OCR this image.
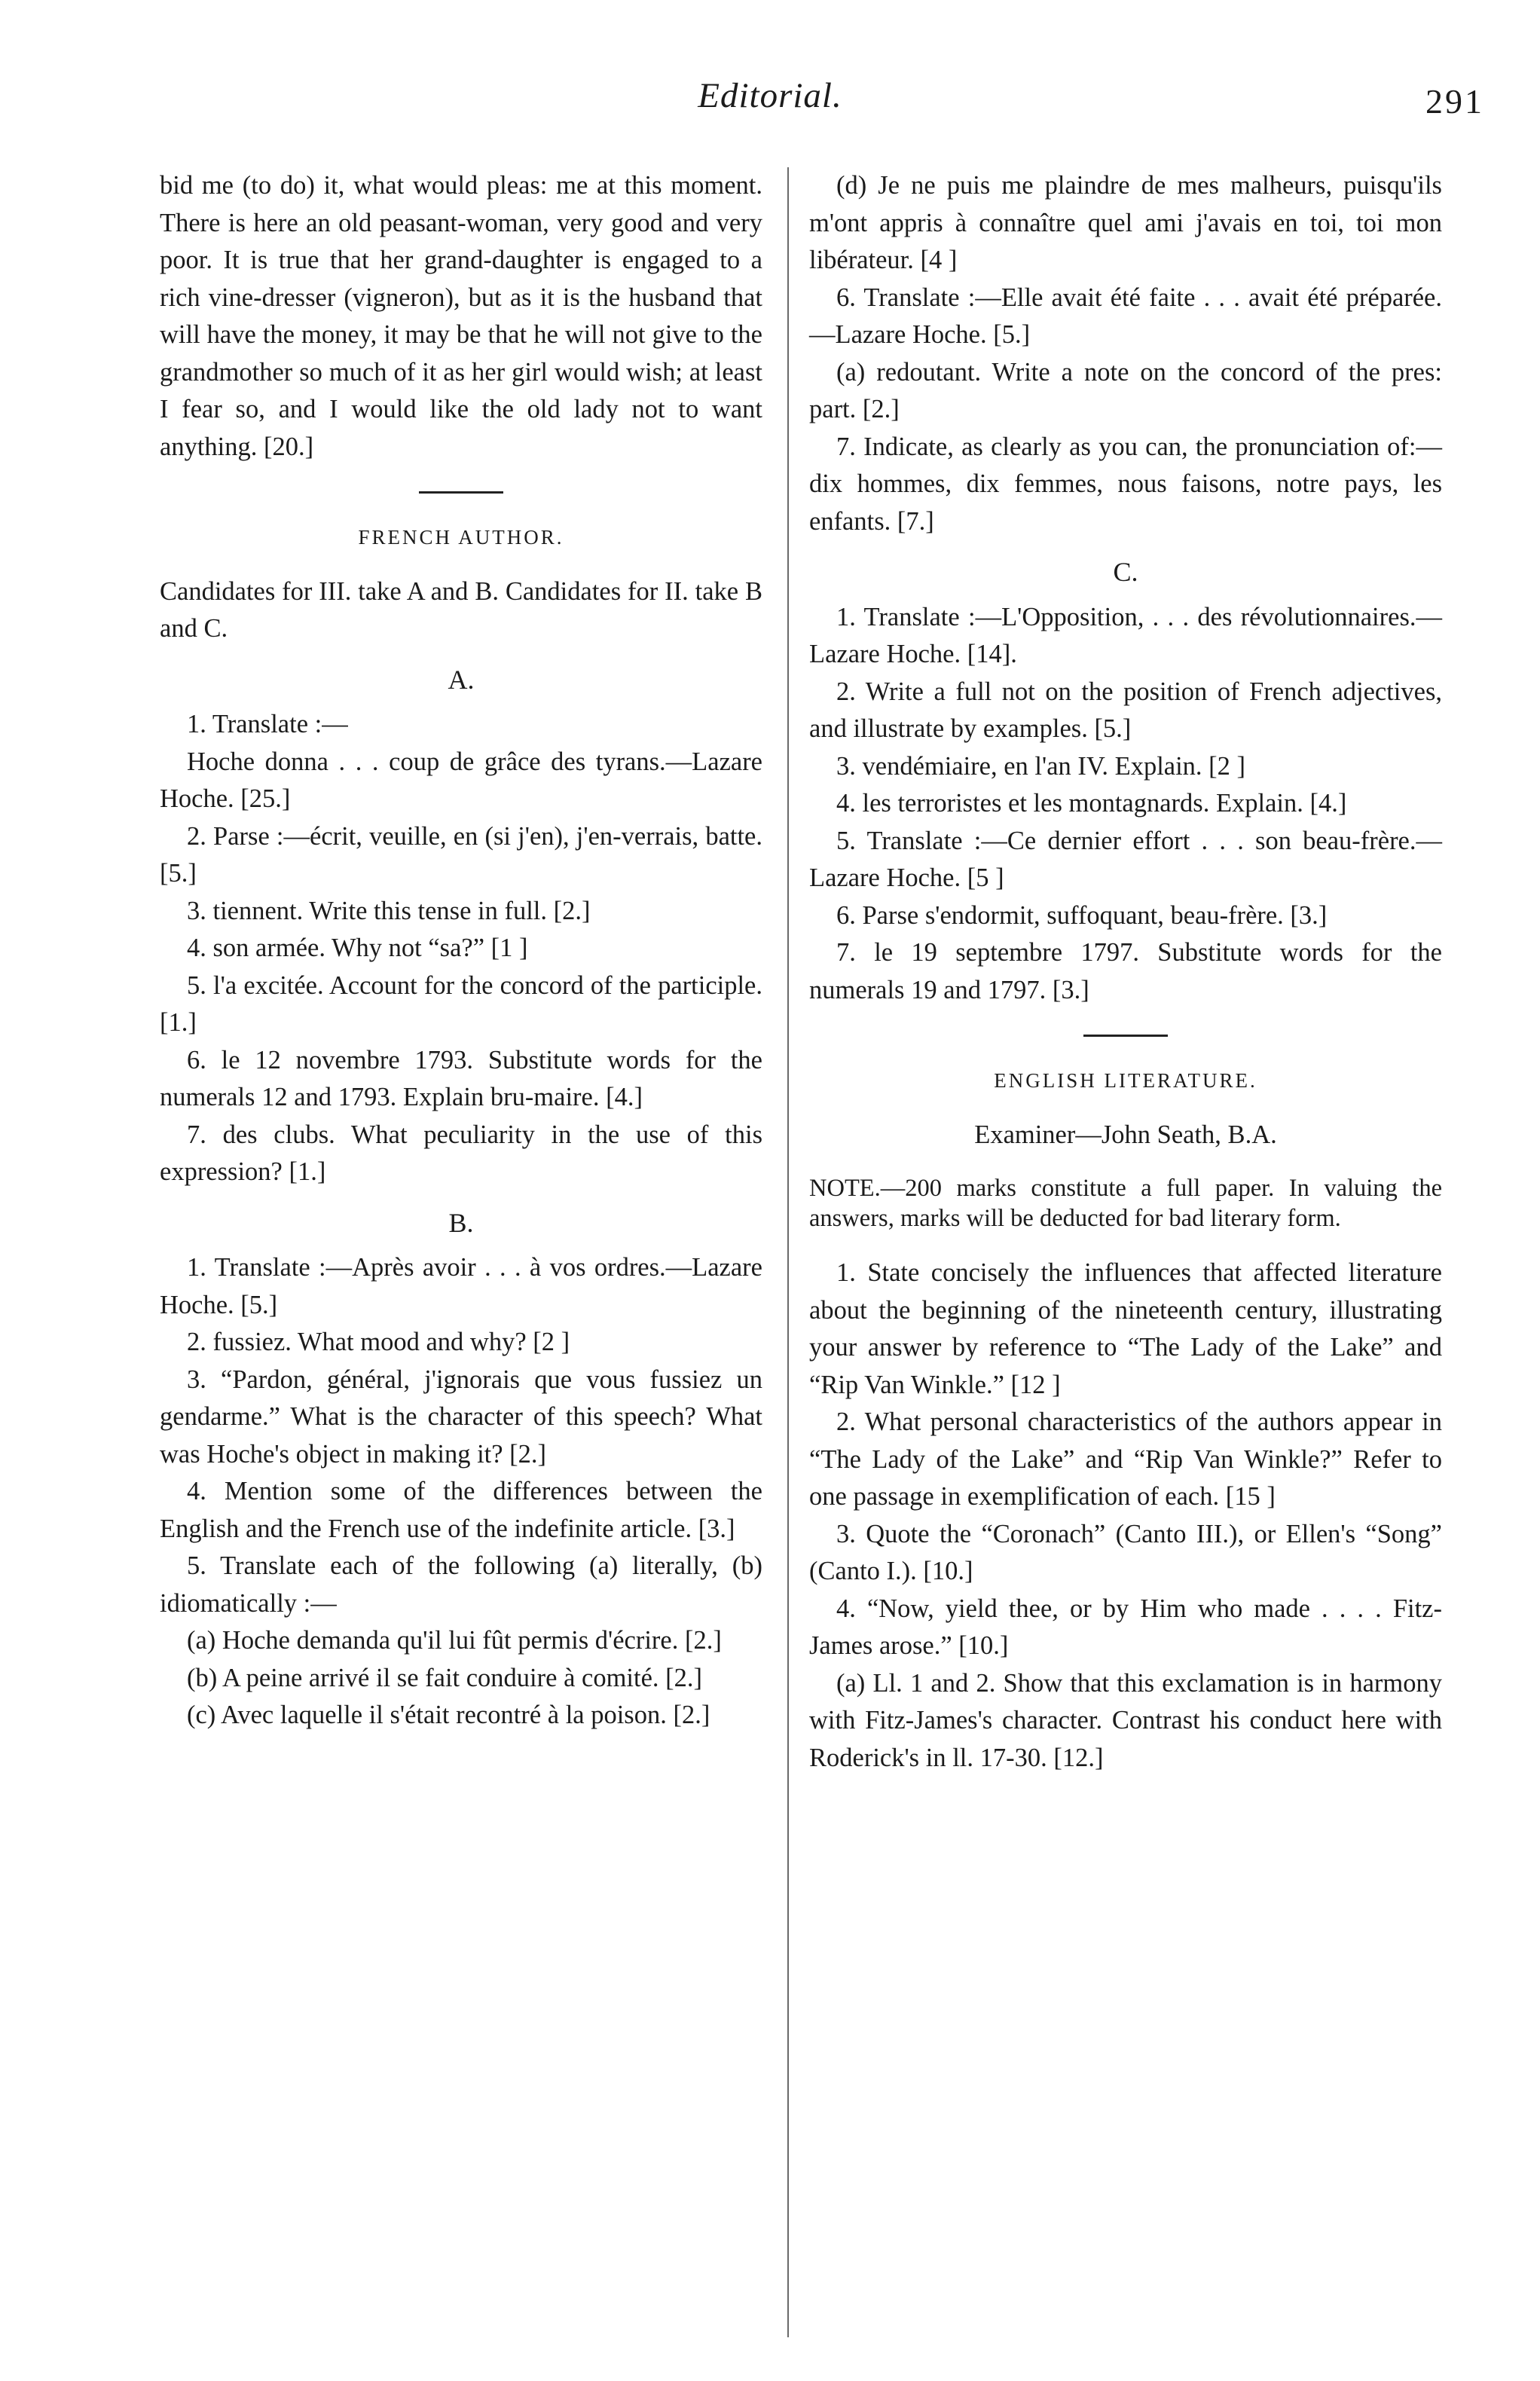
Editorial.	291

bid me (to do) it, what would pleas: me at this moment. There is here an old peasant-woman, very good and very poor. It is true that her grand-daughter is engaged to a rich vine-dresser (vigneron), but as it is the husband that will have the money, it may be that he will not give to the grandmother so much of it as her girl would wish; at least I fear so, and I would like the old lady not to want anything. [20.]

FRENCH AUTHOR.

Candidates for III. take A and B. Candidates for II. take B and C.

A.

1. Translate :—

Hoche donna . . . coup de grâce des tyrans.—Lazare Hoche. [25.]

2. Parse :—écrit, veuille, en (si j'en), j'en-verrais, batte. [5.]

3. tiennent. Write this tense in full. [2.]

4. son armée. Why not “sa?” [1 ]

5. l'a excitée. Account for the concord of the participle. [1.]

6. le 12 novembre 1793. Substitute words for the numerals 12 and 1793. Explain bru-maire. [4.]

7. des clubs. What peculiarity in the use of this expression? [1.]

B.

1. Translate :—Après avoir . . . à vos ordres.—Lazare Hoche. [5.]

2. fussiez. What mood and why? [2 ]

3. “Pardon, général, j'ignorais que vous fussiez un gendarme.” What is the character of this speech? What was Hoche's object in making it? [2.]

4. Mention some of the differences between the English and the French use of the indefinite article. [3.]

5. Translate each of the following (a) literally, (b) idiomatically :—

(a) Hoche demanda qu'il lui fût permis d'écrire. [2.]

(b) A peine arrivé il se fait conduire à comité. [2.]

(c) Avec laquelle il s'était recontré à la poison. [2.]

(d) Je ne puis me plaindre de mes malheurs, puisqu'ils m'ont appris à connaître quel ami j'avais en toi, toi mon libérateur. [4 ]

6. Translate :—Elle avait été faite . . . avait été préparée.—Lazare Hoche. [5.]

(a) redoutant. Write a note on the concord of the pres: part. [2.]

7. Indicate, as clearly as you can, the pronunciation of:—dix hommes, dix femmes, nous faisons, notre pays, les enfants. [7.]

C.

1. Translate :—L'Opposition, . . . des révolutionnaires.—Lazare Hoche. [14].

2. Write a full not on the position of French adjectives, and illustrate by examples. [5.]

3. vendémiaire, en l'an IV. Explain. [2 ]

4. les terroristes et les montagnards. Explain. [4.]

5. Translate :—Ce dernier effort . . . son beau-frère.—Lazare Hoche. [5 ]

6. Parse s'endormit, suffoquant, beau-frère. [3.]

7. le 19 septembre 1797. Substitute words for the numerals 19 and 1797. [3.]

ENGLISH LITERATURE.

Examiner—John Seath, B.A.

NOTE.—200 marks constitute a full paper. In valuing the answers, marks will be deducted for bad literary form.

1. State concisely the influences that affected literature about the beginning of the nineteenth century, illustrating your answer by reference to “The Lady of the Lake” and “Rip Van Winkle.” [12 ]

2. What personal characteristics of the authors appear in “The Lady of the Lake” and “Rip Van Winkle?” Refer to one passage in exemplification of each. [15 ]

3. Quote the “Coronach” (Canto III.), or Ellen's “Song” (Canto I.). [10.]

4. “Now, yield thee, or by Him who made . . . . Fitz-James arose.” [10.]

(a) Ll. 1 and 2. Show that this exclamation is in harmony with Fitz-James's character. Contrast his conduct here with Roderick's in ll. 17-30. [12.]
